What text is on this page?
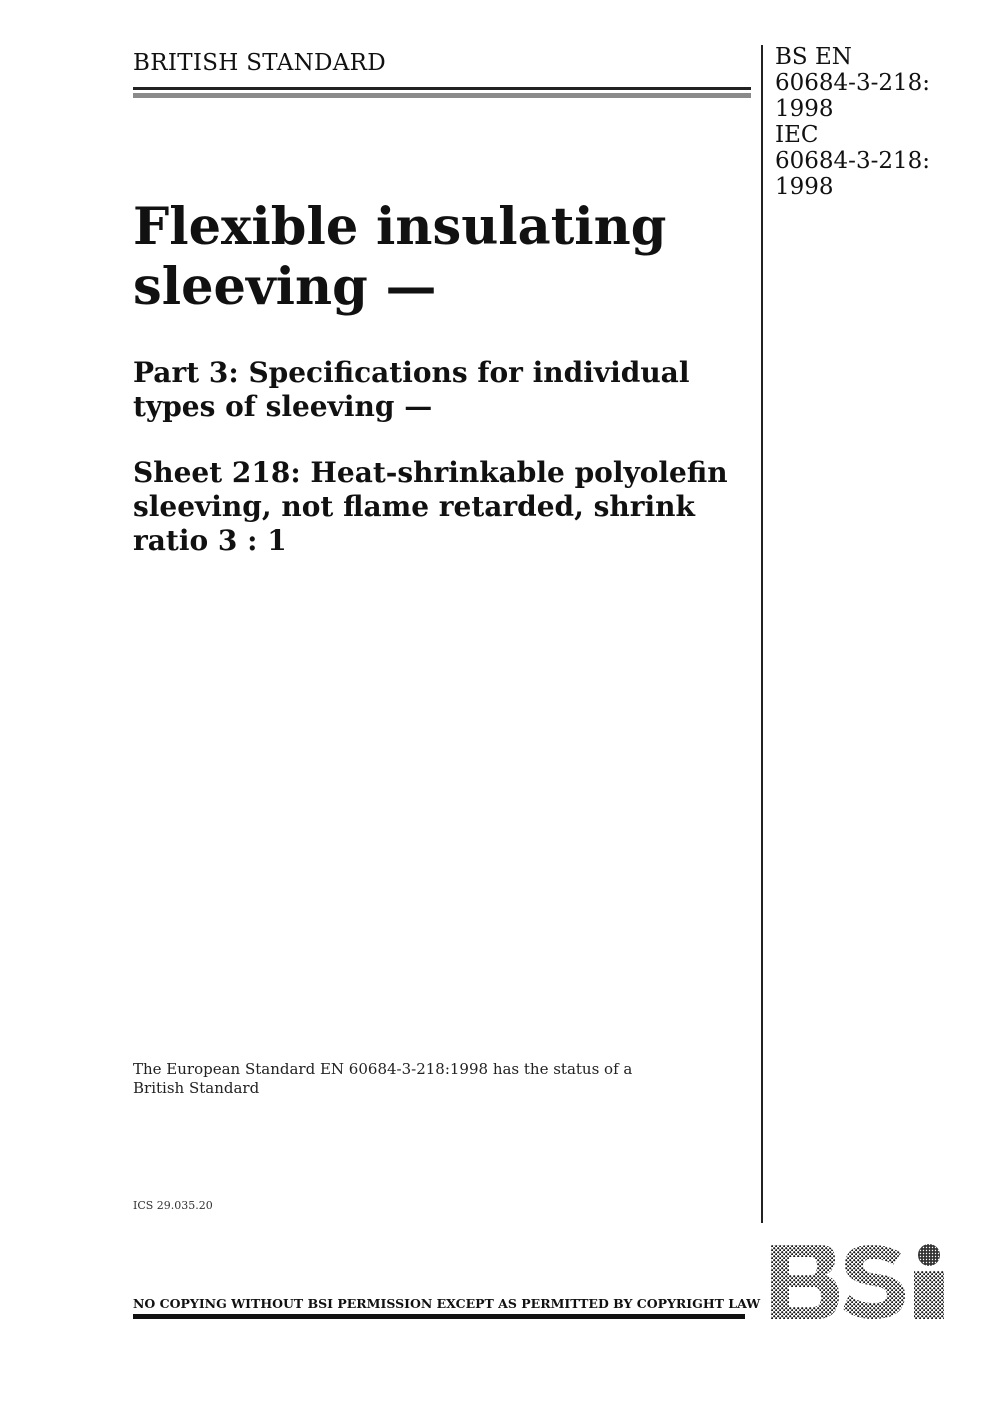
BRITISH STANDARD	BS EN
60684-3-218:
1998
IEC
60684-3-218:
1998
Flexible insulating
sleeving —
Part 3: Specifications for individual
types of sleeving —
Sheet 218: Heat-shrinkable polyolefin
sleeving, not flame retarded, shrink
ratio 3 : 1
The European Standard EN 60684-3-218:1998 has the status of a
British Standard
ICS 29.035.20
NO COPYING WITHOUT BSI PERMISSION EXCEPT AS PERMITTED BY COPYRIGHT LAW
